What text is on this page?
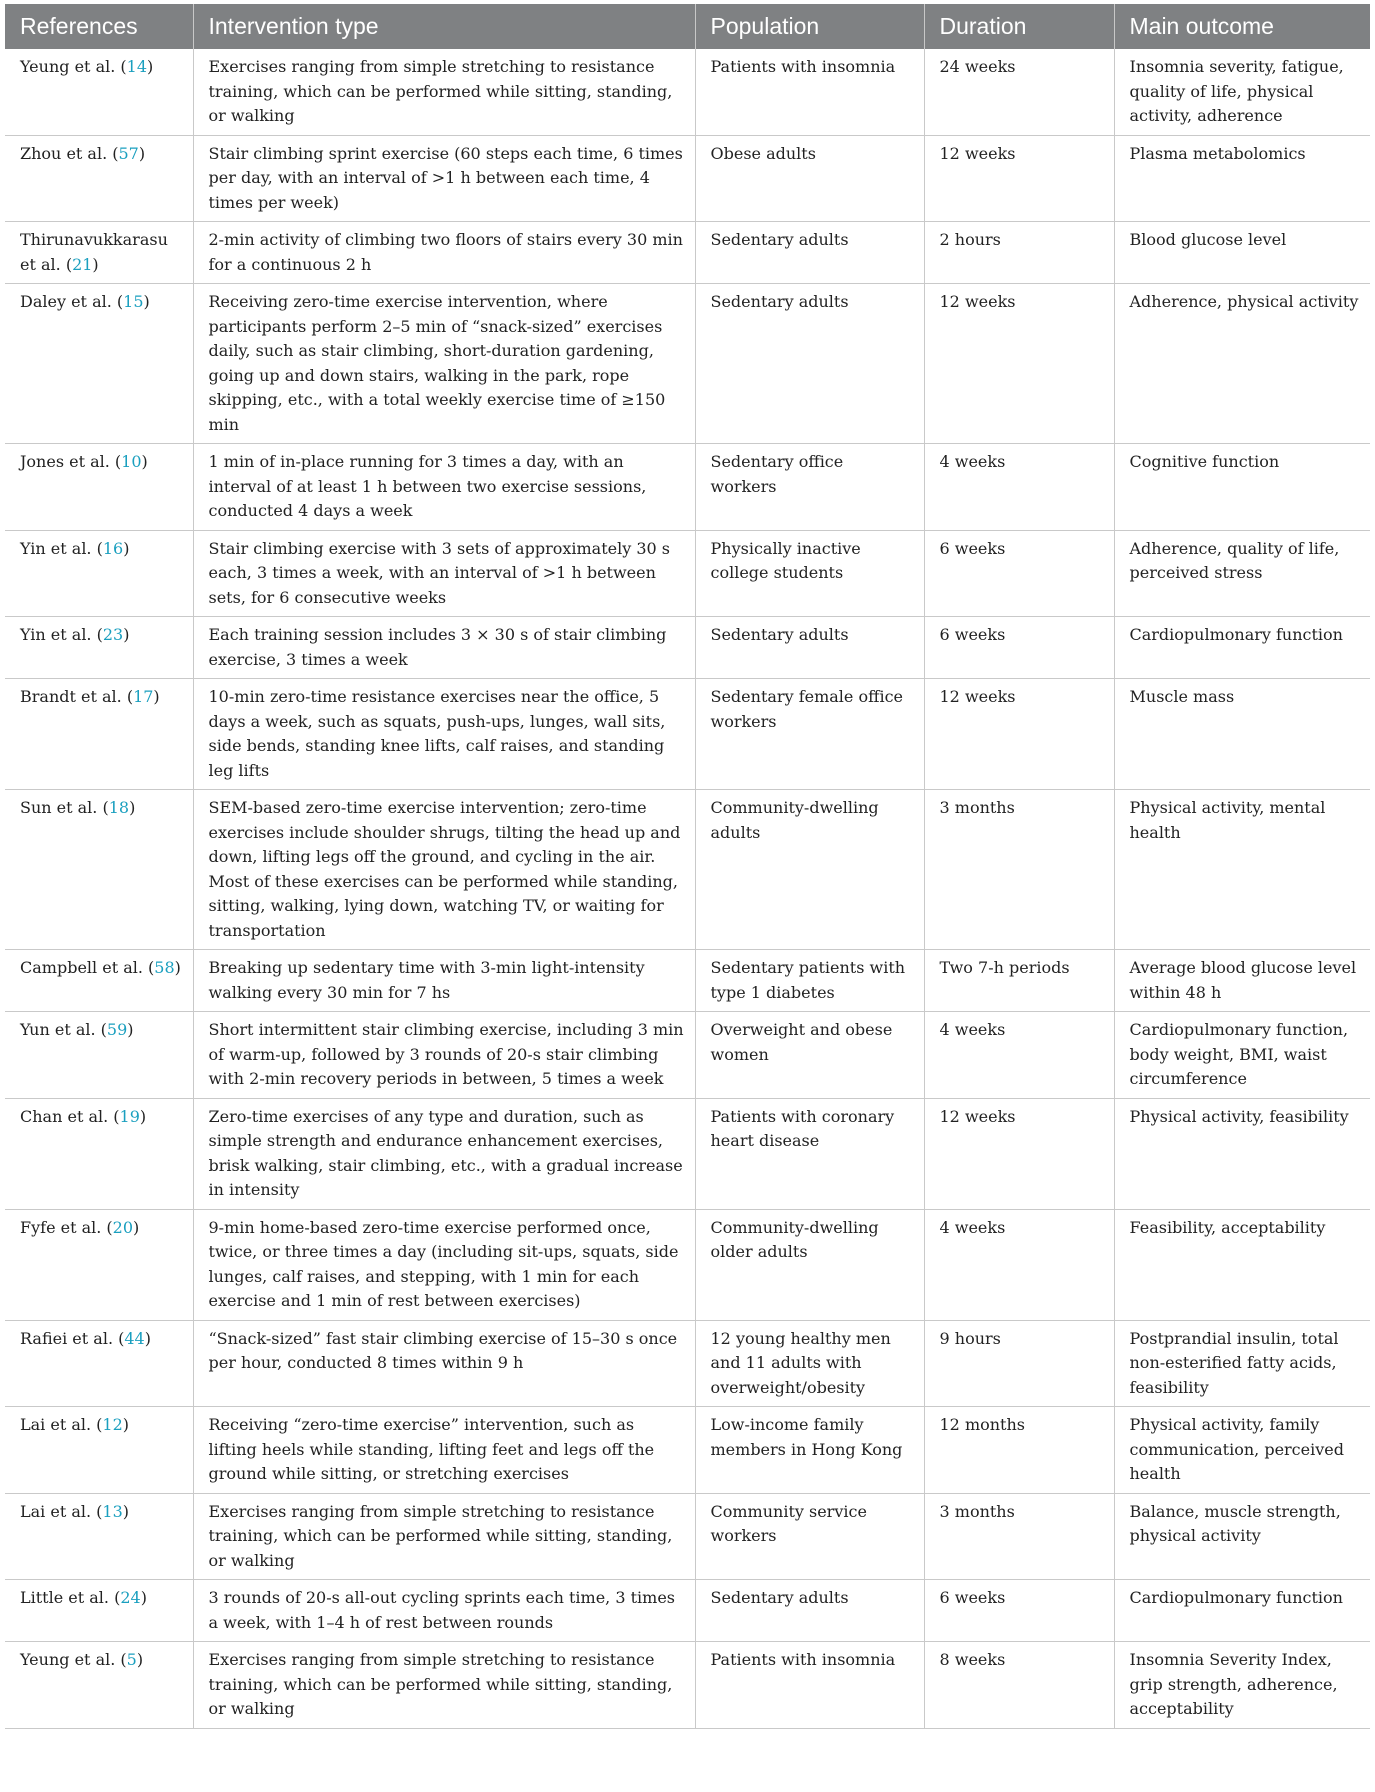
References	Intervention type	Population	Duration	Main outcome
Yeung et al. (14)	Exercises ranging from simple stretching to resistance training, which can be performed while sitting, standing, or walking	Patients with insomnia	24 weeks	Insomnia severity, fatigue, quality of life, physical activity, adherence
Zhou et al. (57)	Stair climbing sprint exercise (60 steps each time, 6 times per day, with an interval of >1 h between each time, 4 times per week)	Obese adults	12 weeks	Plasma metabolomics
Thirunavukkarasu et al. (21)	2-min activity of climbing two floors of stairs every 30 min for a continuous 2 h	Sedentary adults	2 hours	Blood glucose level
Daley et al. (15)	Receiving zero-time exercise intervention, where participants perform 2–5 min of “snack-sized” exercises daily, such as stair climbing, short-duration gardening, going up and down stairs, walking in the park, rope skipping, etc., with a total weekly exercise time of ≥150 min	Sedentary adults	12 weeks	Adherence, physical activity
Jones et al. (10)	1 min of in-place running for 3 times a day, with an interval of at least 1 h between two exercise sessions, conducted 4 days a week	Sedentary office workers	4 weeks	Cognitive function
Yin et al. (16)	Stair climbing exercise with 3 sets of approximately 30 s each, 3 times a week, with an interval of >1 h between sets, for 6 consecutive weeks	Physically inactive college students	6 weeks	Adherence, quality of life, perceived stress
Yin et al. (23)	Each training session includes 3 × 30 s of stair climbing exercise, 3 times a week	Sedentary adults	6 weeks	Cardiopulmonary function
Brandt et al. (17)	10-min zero-time resistance exercises near the office, 5 days a week, such as squats, push-ups, lunges, wall sits, side bends, standing knee lifts, calf raises, and standing leg lifts	Sedentary female office workers	12 weeks	Muscle mass
Sun et al. (18)	SEM-based zero-time exercise intervention; zero-time exercises include shoulder shrugs, tilting the head up and down, lifting legs off the ground, and cycling in the air. Most of these exercises can be performed while standing, sitting, walking, lying down, watching TV, or waiting for transportation	Community-dwelling adults	3 months	Physical activity, mental health
Campbell et al. (58)	Breaking up sedentary time with 3-min light-intensity walking every 30 min for 7 hs	Sedentary patients with type 1 diabetes	Two 7-h periods	Average blood glucose level within 48 h
Yun et al. (59)	Short intermittent stair climbing exercise, including 3 min of warm-up, followed by 3 rounds of 20-s stair climbing with 2-min recovery periods in between, 5 times a week	Overweight and obese women	4 weeks	Cardiopulmonary function, body weight, BMI, waist circumference
Chan et al. (19)	Zero-time exercises of any type and duration, such as simple strength and endurance enhancement exercises, brisk walking, stair climbing, etc., with a gradual increase in intensity	Patients with coronary heart disease	12 weeks	Physical activity, feasibility
Fyfe et al. (20)	9-min home-based zero-time exercise performed once, twice, or three times a day (including sit-ups, squats, side lunges, calf raises, and stepping, with 1 min for each exercise and 1 min of rest between exercises)	Community-dwelling older adults	4 weeks	Feasibility, acceptability
Rafiei et al. (44)	“Snack-sized” fast stair climbing exercise of 15–30 s once per hour, conducted 8 times within 9 h	12 young healthy men and 11 adults with overweight/obesity	9 hours	Postprandial insulin, total non-esterified fatty acids, feasibility
Lai et al. (12)	Receiving “zero-time exercise” intervention, such as lifting heels while standing, lifting feet and legs off the ground while sitting, or stretching exercises	Low-income family members in Hong Kong	12 months	Physical activity, family communication, perceived health
Lai et al. (13)	Exercises ranging from simple stretching to resistance training, which can be performed while sitting, standing, or walking	Community service workers	3 months	Balance, muscle strength, physical activity
Little et al. (24)	3 rounds of 20-s all-out cycling sprints each time, 3 times a week, with 1–4 h of rest between rounds	Sedentary adults	6 weeks	Cardiopulmonary function
Yeung et al. (5)	Exercises ranging from simple stretching to resistance training, which can be performed while sitting, standing, or walking	Patients with insomnia	8 weeks	Insomnia Severity Index, grip strength, adherence, acceptability
